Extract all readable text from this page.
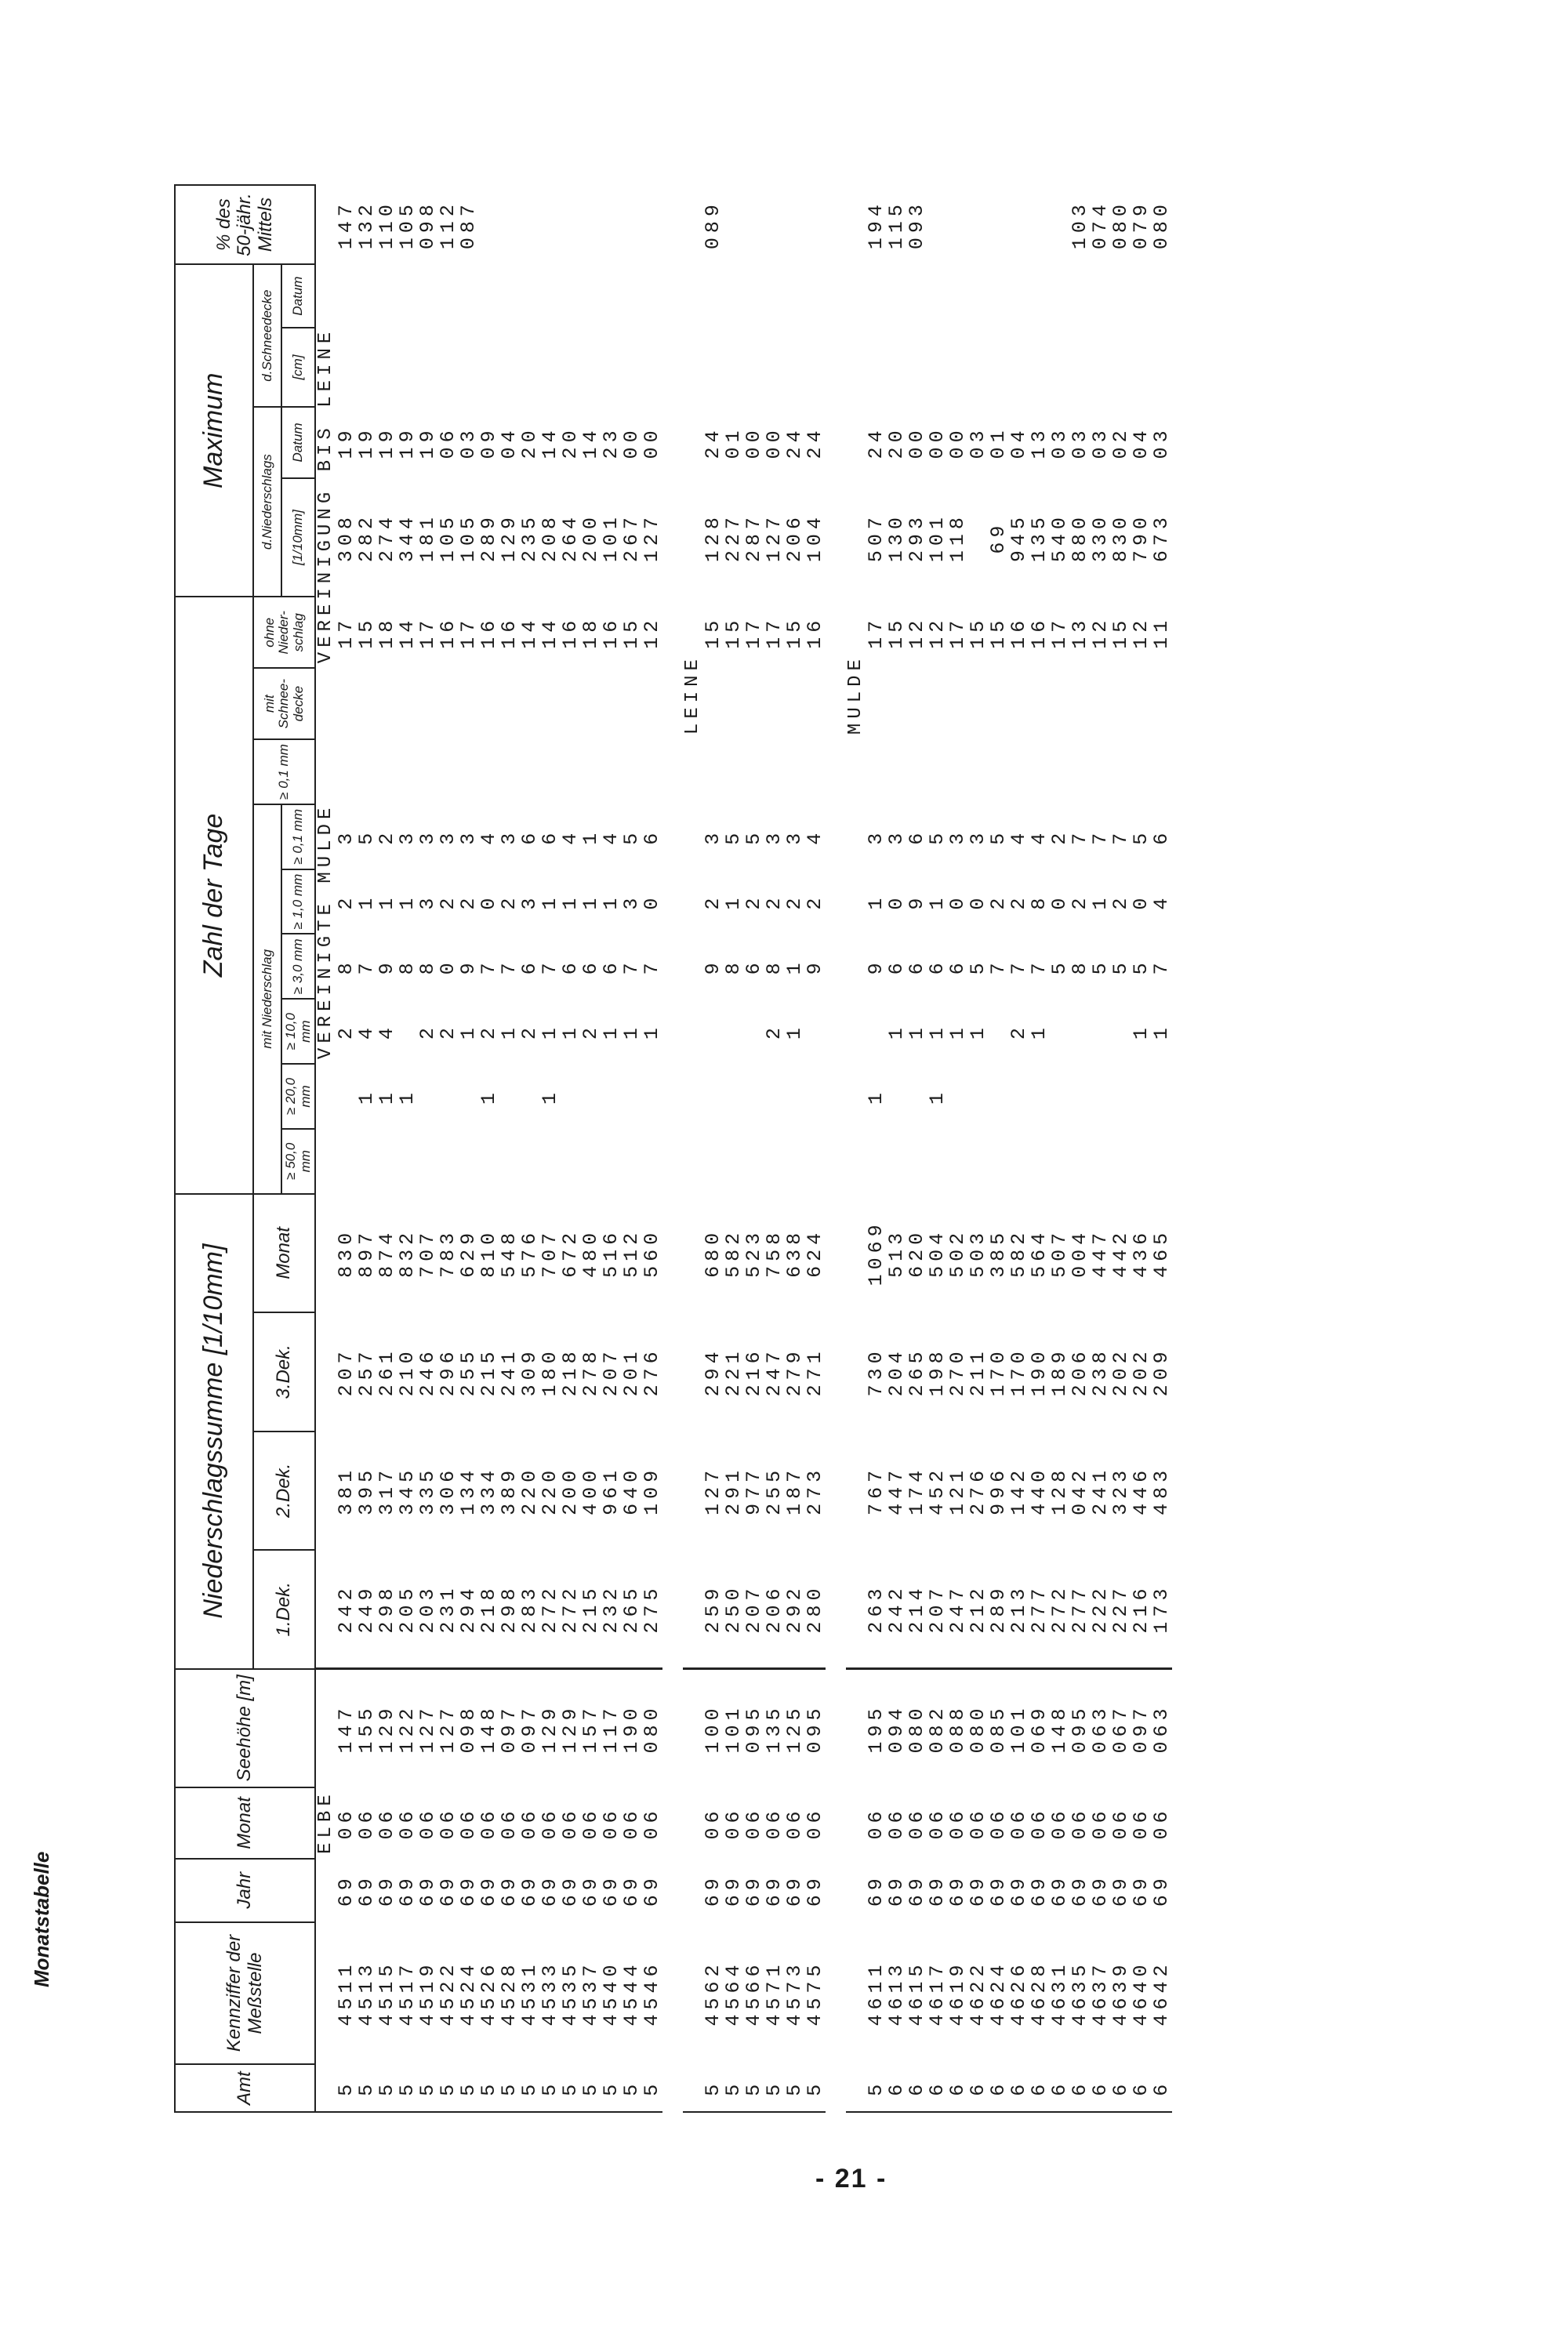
Monatstabelle
- 21 -
Amt	Kennziffer der Meßstelle	Jahr	Monat	Seehöhe [m]	Niederschlagssumme [1/10mm]				Zahl der Tage									Maximum				% des 50-jähr. Mittels
					1.Dek.	2.Dek.	3.Dek.	Monat	mit Niederschlag						≥ 0,1 mm	mit Schnee-decke	ohne Nieder-schlag	d.Niederschlags		d.Schneedecke		
									≥ 50,0 mm	≥ 20,0 mm	≥ 10,0 mm	≥ 3,0 mm	≥ 1,0 mm	≥ 0,1 mm				[1/10mm]	Datum	[cm]	Datum	
			ELBE								VEREINIGTE MULDE						VEREINIGUNG BIS LEINE					
5	4511	69	06	147	242	381	207	830			2	8	2	3			17	308	19			147
5	4513	69	06	155	249	395	257	897		1	4	7	1	5			15	282	19			132
5	4515	69	06	129	298	317	261	874		1	4	9	1	2			18	274	19			110
5	4517	69	06	122	205	345	210	832		1		8	1	3			14	344	19			105
5	4519	69	06	127	203	335	246	707			2	8	3	3			17	181	19			098
5	4522	69	06	127	231	306	296	783			2	0	2	3			16	105	06			112
5	4524	69	06	098	294	134	255	629			1	9	2	3			17	105	03			087
5	4526	69	06	148	218	334	215	810		1	2	7	0	4			16	289	09			
5	4528	69	06	097	298	389	241	548			1	7	2	3			16	129	04			
5	4531	69	06	097	283	220	309	576			2	6	3	6			14	235	20			
5	4533	69	06	129	272	220	180	707		1	1	7	1	6			14	208	14			
5	4535	69	06	129	272	200	218	672			1	6	1	4			16	264	20			
5	4537	69	06	157	215	400	278	480			2	6	1	1			18	200	14			
5	4540	69	06	117	232	961	207	516			1	6	1	4			16	101	23			
5	4544	69	06	190	265	640	201	512			1	7	3	5			15	267	00			
5	4546	69	06	080	275	109	276	560			1	7	0	6			12	127	00			

																LEINE						
5	4562	69	06	100	259	127	294	680				9	2	3			15	128	24			089
5	4564	69	06	101	250	291	221	582				8	1	5			15	227	01			
5	4566	69	06	095	207	977	216	523				6	2	5			17	287	00			
5	4571	69	06	135	206	255	247	758			2	8	2	3			17	127	00			
5	4573	69	06	125	292	187	279	638			1	1	2	3			15	206	24			
5	4575	69	06	095	280	273	271	624				9	2	4			16	104	24			

																MULDE						
5	4611	69	06	195	263	767	730	1069		1		9	1	3			17	507	24			194
6	4613	69	06	094	242	447	204	513			1	6	0	3			15	130	20			115
6	4615	69	06	080	214	174	265	620			1	6	9	6			12	293	00			093
6	4617	69	06	082	207	452	198	504		1	1	6	1	5			12	101	00			
6	4619	69	06	088	247	121	270	502			1	6	0	3			17	118	00			
6	4622	69	06	080	212	276	211	503			1	5	0	3			15		03			
6	4624	69	06	085	289	996	170	385				7	2	5			15	69	01			
6	4626	69	06	101	213	142	170	582			2	7	2	4			16	945	04			
6	4628	69	06	069	277	440	190	564			1	7	8	4			16	135	13			
6	4631	69	06	148	272	128	189	507				5	0	2			17	540	03			
6	4635	69	06	095	277	042	206	004				8	2	7			13	880	03			103
6	4637	69	06	063	222	241	238	447				5	1	7			12	330	03			074
6	4639	69	06	067	227	323	202	442				5	2	7			15	830	02			080
6	4640	69	06	097	216	446	202	436			1	5	0	5			12	790	04			079
6	4642	69	06	063	173	483	209	465			1	7	4	6			11	673	03			080
